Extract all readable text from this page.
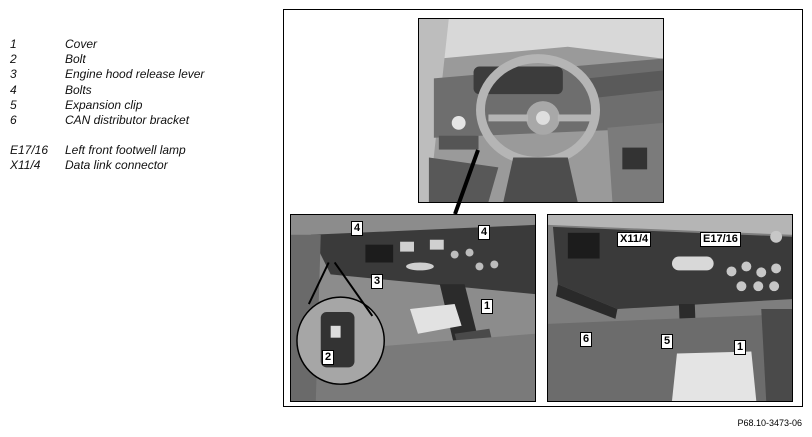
1	Cover
2	Bolt
3	Engine hood release lever
4	Bolts
5	Expansion clip
6	CAN distributor bracket
E17/16	Left front footwell lamp
X11/4	Data link connector
4	4
3
1
2
X11/4	E17/16
6	5	1
P68.10-3473-06
